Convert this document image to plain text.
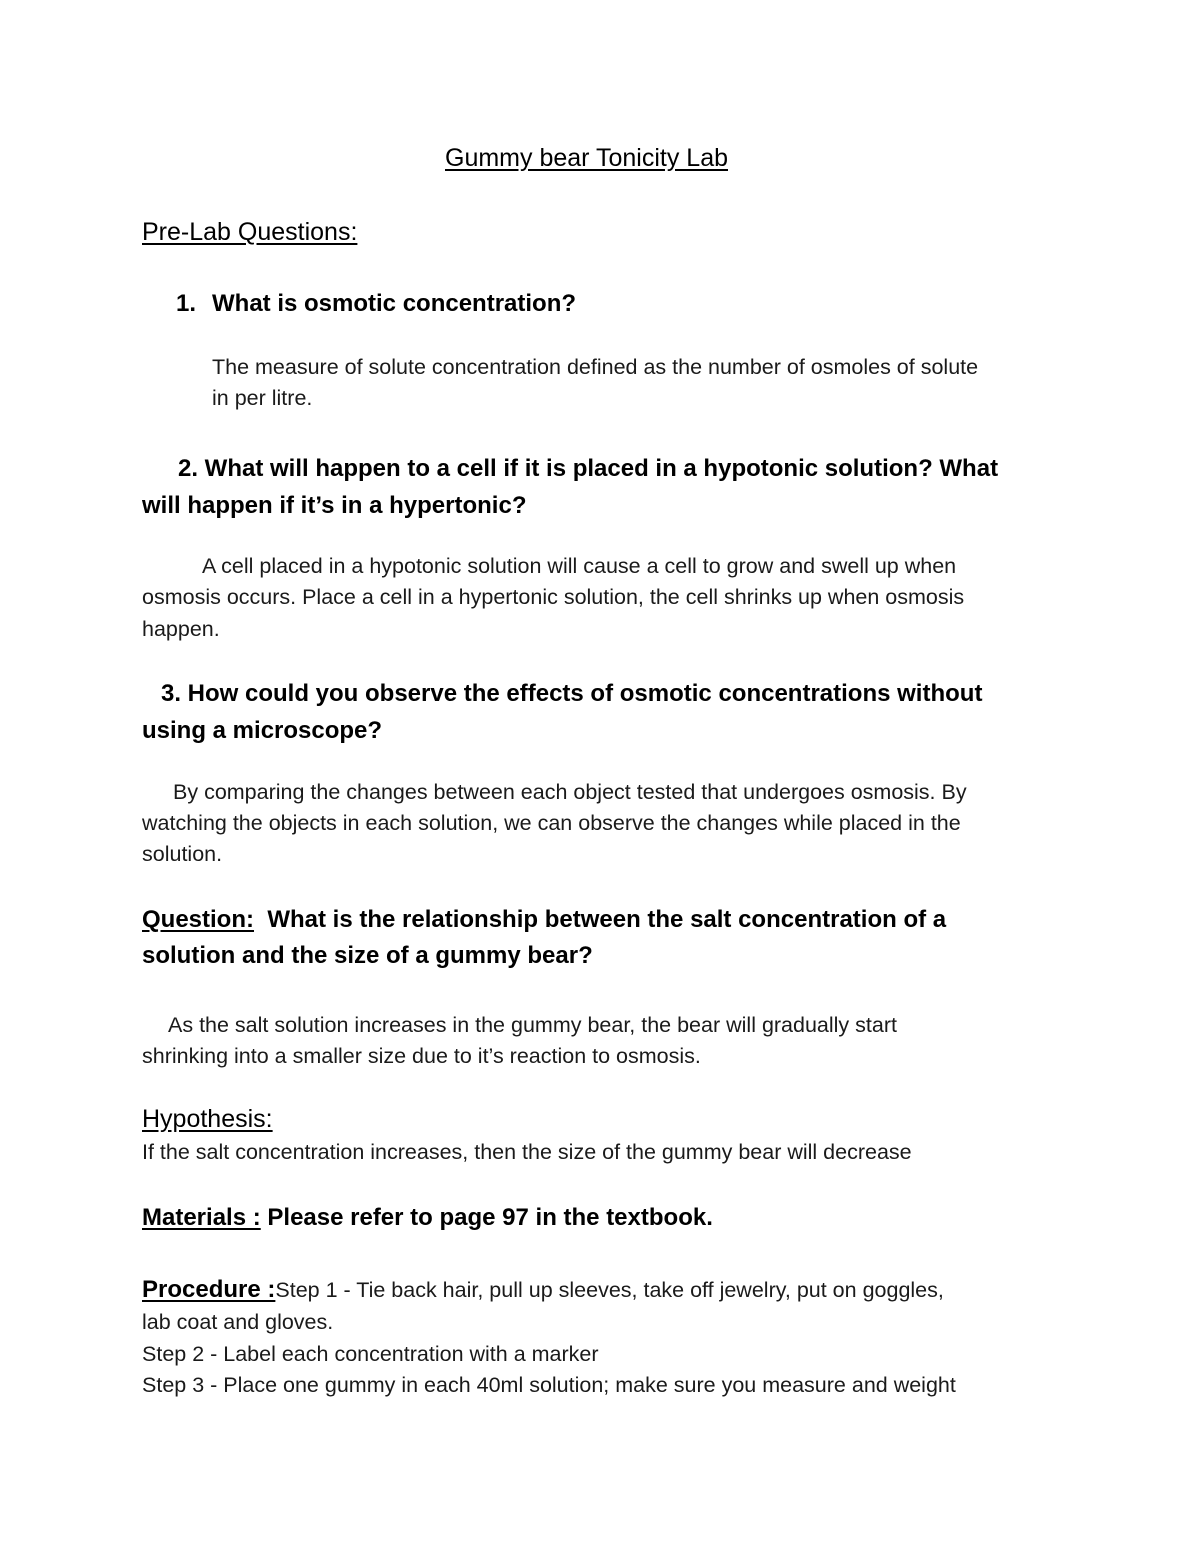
Gummy bear Tonicity Lab
Pre-Lab Questions:
1. What is osmotic concentration?
The measure of solute concentration defined as the number of osmoles of solute
in per litre.
2. What will happen to a cell if it is placed in a hypotonic solution? What
will happen if it’s in a hypertonic?
A cell placed in a hypotonic solution will cause a cell to grow and swell up when
osmosis occurs. Place a cell in a hypertonic solution, the cell shrinks up when osmosis
happen.
3. How could you observe the effects of osmotic concentrations without
using a microscope?
By comparing the changes between each object tested that undergoes osmosis. By
watching the objects in each solution, we can observe the changes while placed in the
solution.
Question: What is the relationship between the salt concentration of a
solution and the size of a gummy bear?
As the salt solution increases in the gummy bear, the bear will gradually start
shrinking into a smaller size due to it’s reaction to osmosis.
Hypothesis:
If the salt concentration increases, then the size of the gummy bear will decrease
Materials : Please refer to page 97 in the textbook.
Procedure :Step 1 - Tie back hair, pull up sleeves, take off jewelry, put on goggles,
lab coat and gloves.
Step 2 - Label each concentration with a marker
Step 3 - Place one gummy in each 40ml solution; make sure you measure and weight
